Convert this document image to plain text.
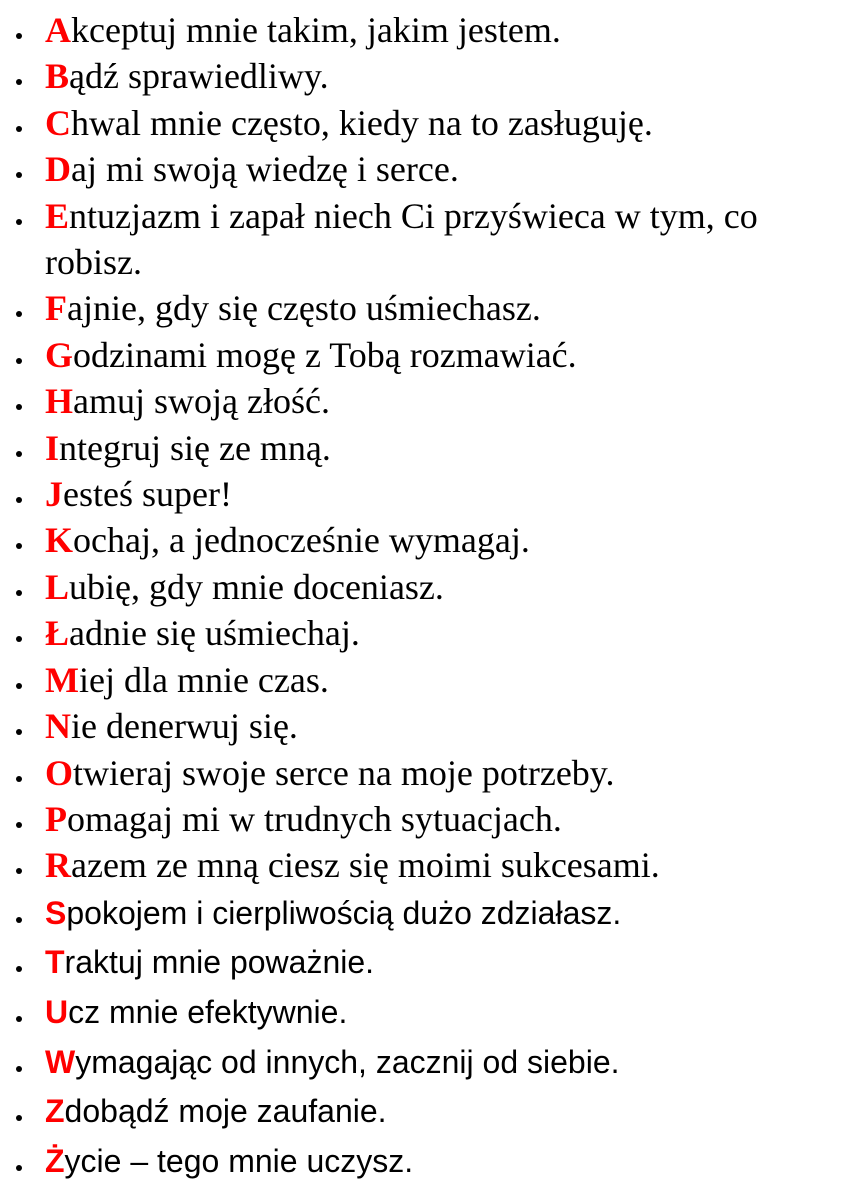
Akceptuj mnie takim, jakim jestem.
Bądź sprawiedliwy.
Chwal mnie często, kiedy na to zasługuję.
Daj mi swoją wiedzę i serce.
Entuzjazm i zapał niech Ci przyświeca w tym, co robisz.
Fajnie, gdy się często uśmiechasz.
Godzinami mogę z Tobą rozmawiać.
Hamuj swoją złość.
Integruj się ze mną.
Jesteś super!
Kochaj, a jednocześnie wymagaj.
Lubię, gdy mnie doceniasz.
Ładnie się uśmiechaj.
Miej dla mnie czas.
Nie denerwuj się.
Otwieraj swoje serce na moje potrzeby.
Pomagaj mi w trudnych sytuacjach.
Razem ze mną ciesz się moimi sukcesami.
Spokojem i cierpliwością dużo zdziałasz.
Traktuj mnie poważnie.
Ucz mnie efektywnie.
Wymagając od innych, zacznij od siebie.
Zdobądź moje zaufanie.
Życie – tego mnie uczysz.
